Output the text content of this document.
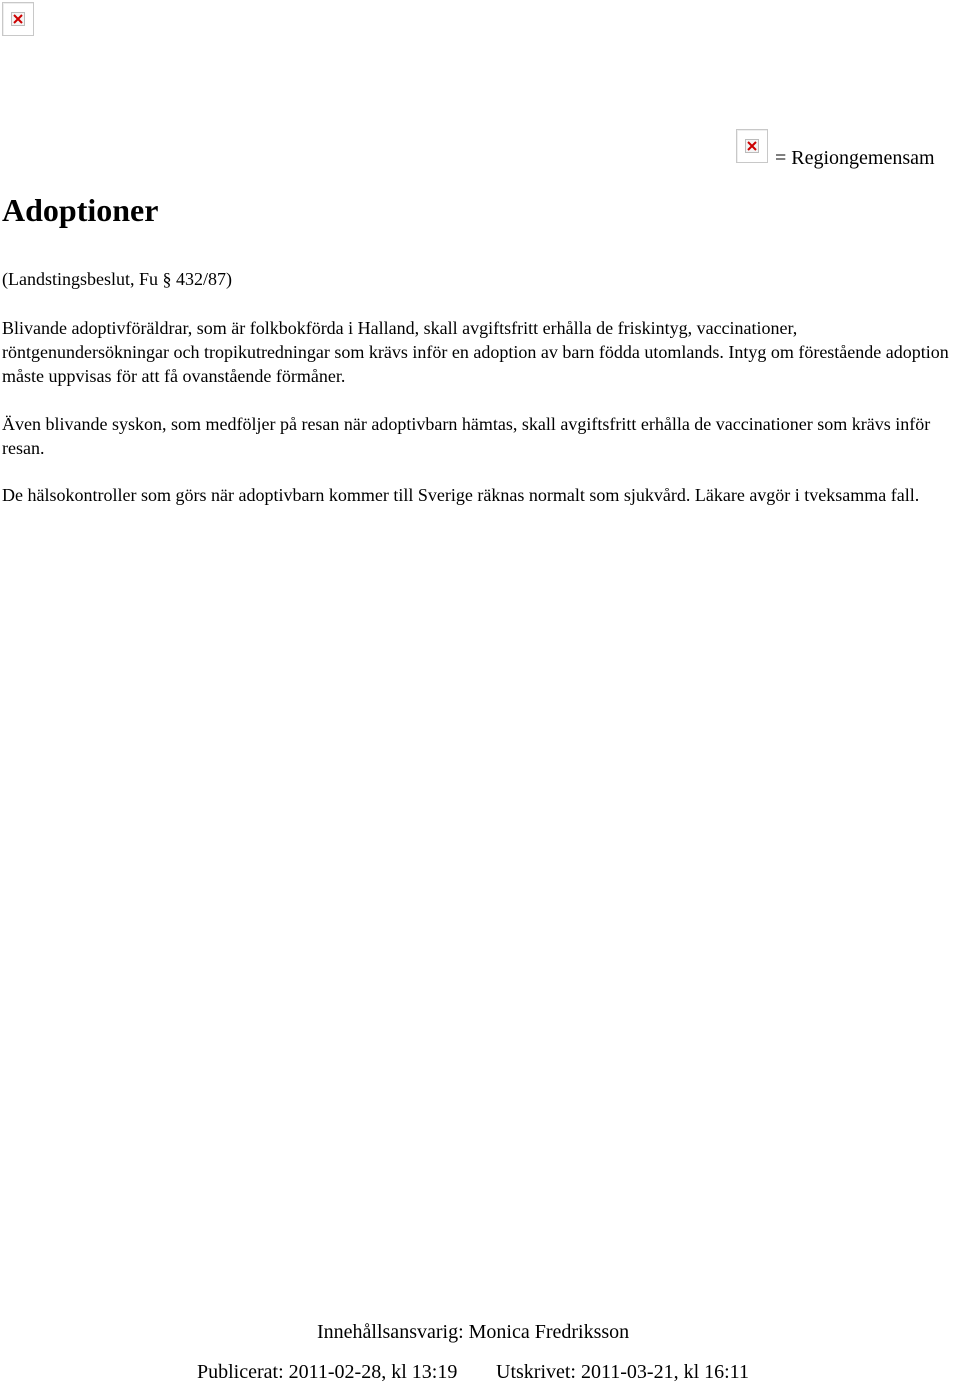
= Regiongemensam
Adoptioner
(Landstingsbeslut, Fu § 432/87)

Blivande adoptivföräldrar, som är folkbokförda i Halland, skall avgiftsfritt erhålla de friskintyg, vaccinationer, röntgenundersökningar och tropikutredningar som krävs inför en adoption av barn födda utomlands. Intyg om förestående adoption måste uppvisas för att få ovanstående förmåner.

Även blivande syskon, som medföljer på resan när adoptivbarn hämtas, skall avgiftsfritt erhålla de vaccinationer som krävs inför resan.

De hälsokontroller som görs när adoptivbarn kommer till Sverige räknas normalt som sjukvård. Läkare avgör i tveksamma fall.

Innehållsansvarig: Monica Fredriksson
Publicerat: 2011-02-28, kl 13:19 Utskrivet: 2011-03-21, kl 16:11
